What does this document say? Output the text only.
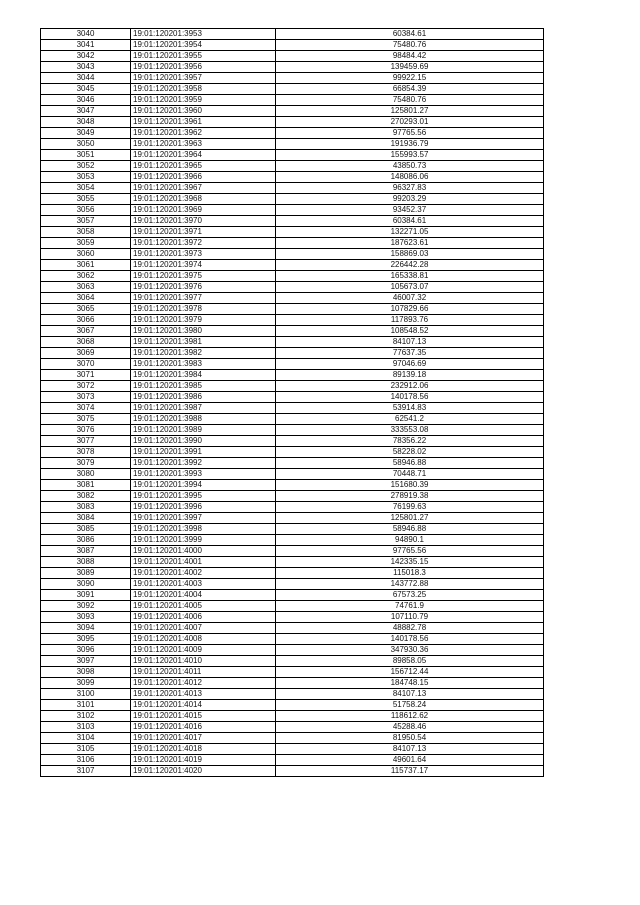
3040	19:01:120201:3953	60384.61
3041	19:01:120201:3954	75480.76
3042	19:01:120201:3955	98484.42
3043	19:01:120201:3956	139459.69
3044	19:01:120201:3957	99922.15
3045	19:01:120201:3958	66854.39
3046	19:01:120201:3959	75480.76
3047	19:01:120201:3960	125801.27
3048	19:01:120201:3961	270293.01
3049	19:01:120201:3962	97765.56
3050	19:01:120201:3963	191936.79
3051	19:01:120201:3964	155993.57
3052	19:01:120201:3965	43850.73
3053	19:01:120201:3966	148086.06
3054	19:01:120201:3967	96327.83
3055	19:01:120201:3968	99203.29
3056	19:01:120201:3969	93452.37
3057	19:01:120201:3970	60384.61
3058	19:01:120201:3971	132271.05
3059	19:01:120201:3972	187623.61
3060	19:01:120201:3973	158869.03
3061	19:01:120201:3974	226442.28
3062	19:01:120201:3975	165338.81
3063	19:01:120201:3976	105673.07
3064	19:01:120201:3977	46007.32
3065	19:01:120201:3978	107829.66
3066	19:01:120201:3979	117893.76
3067	19:01:120201:3980	108548.52
3068	19:01:120201:3981	84107.13
3069	19:01:120201:3982	77637.35
3070	19:01:120201:3983	97046.69
3071	19:01:120201:3984	89139.18
3072	19:01:120201:3985	232912.06
3073	19:01:120201:3986	140178.56
3074	19:01:120201:3987	53914.83
3075	19:01:120201:3988	62541.2
3076	19:01:120201:3989	333553.08
3077	19:01:120201:3990	78356.22
3078	19:01:120201:3991	58228.02
3079	19:01:120201:3992	58946.88
3080	19:01:120201:3993	70448.71
3081	19:01:120201:3994	151680.39
3082	19:01:120201:3995	278919.38
3083	19:01:120201:3996	76199.63
3084	19:01:120201:3997	125801.27
3085	19:01:120201:3998	58946.88
3086	19:01:120201:3999	94890.1
3087	19:01:120201:4000	97765.56
3088	19:01:120201:4001	142335.15
3089	19:01:120201:4002	115018.3
3090	19:01:120201:4003	143772.88
3091	19:01:120201:4004	67573.25
3092	19:01:120201:4005	74761.9
3093	19:01:120201:4006	107110.79
3094	19:01:120201:4007	48882.78
3095	19:01:120201:4008	140178.56
3096	19:01:120201:4009	347930.36
3097	19:01:120201:4010	89858.05
3098	19:01:120201:4011	156712.44
3099	19:01:120201:4012	184748.15
3100	19:01:120201:4013	84107.13
3101	19:01:120201:4014	51758.24
3102	19:01:120201:4015	118612.62
3103	19:01:120201:4016	45288.46
3104	19:01:120201:4017	81950.54
3105	19:01:120201:4018	84107.13
3106	19:01:120201:4019	49601.64
3107	19:01:120201:4020	115737.17
